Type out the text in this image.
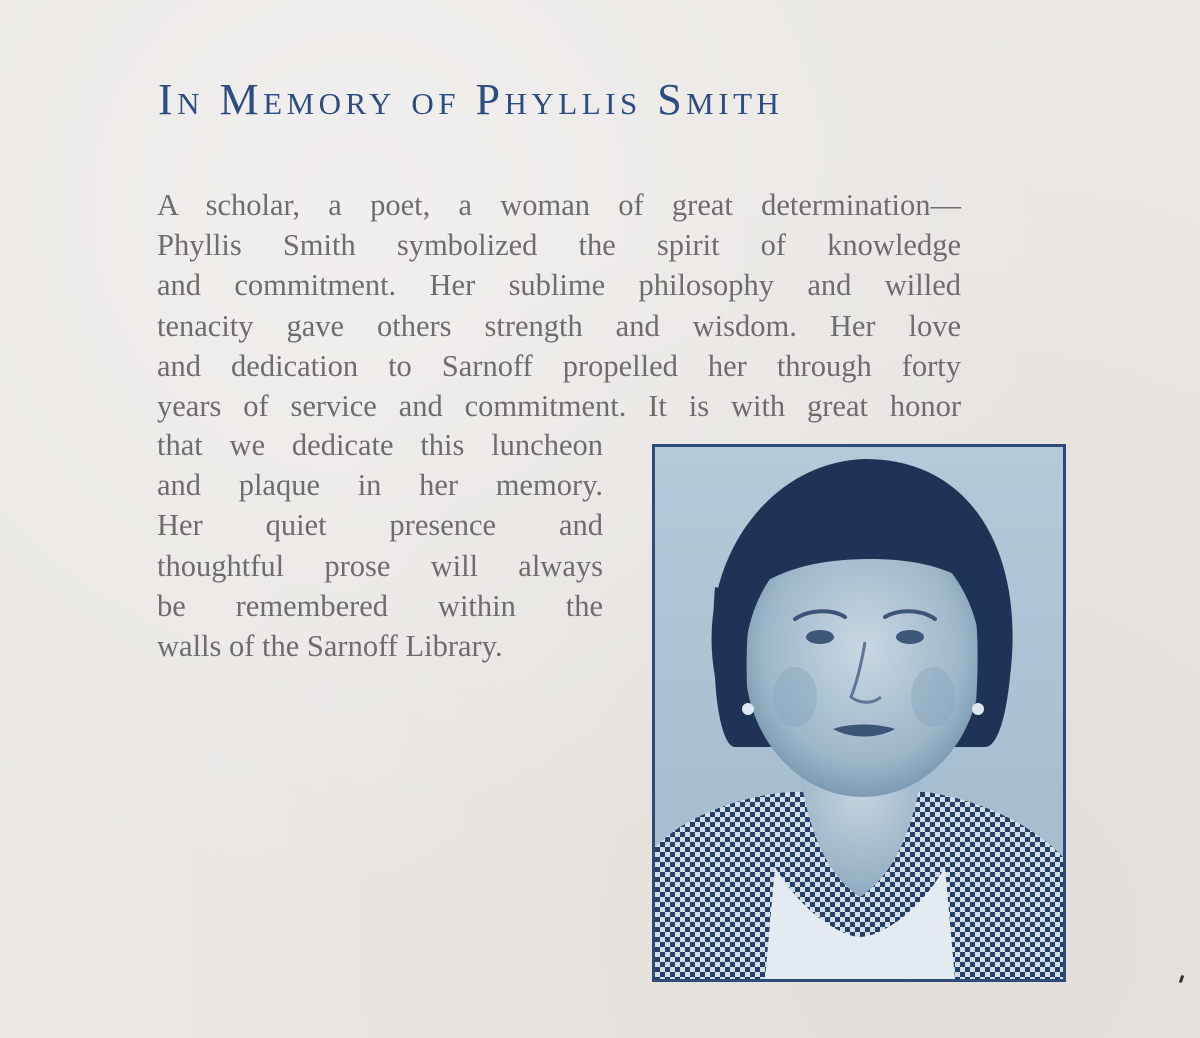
In Memory of Phyllis Smith

A scholar, a poet, a woman of great determination—
Phyllis Smith symbolized the spirit of knowledge
and commitment. Her sublime philosophy and willed
tenacity gave others strength and wisdom. Her love
and dedication to Sarnoff propelled her through forty
years of service and commitment. It is with great honor

that we dedicate this luncheon
and plaque in her memory.
Her quiet presence and
thoughtful prose will always
be remembered within the
walls of the Sarnoff Library.
